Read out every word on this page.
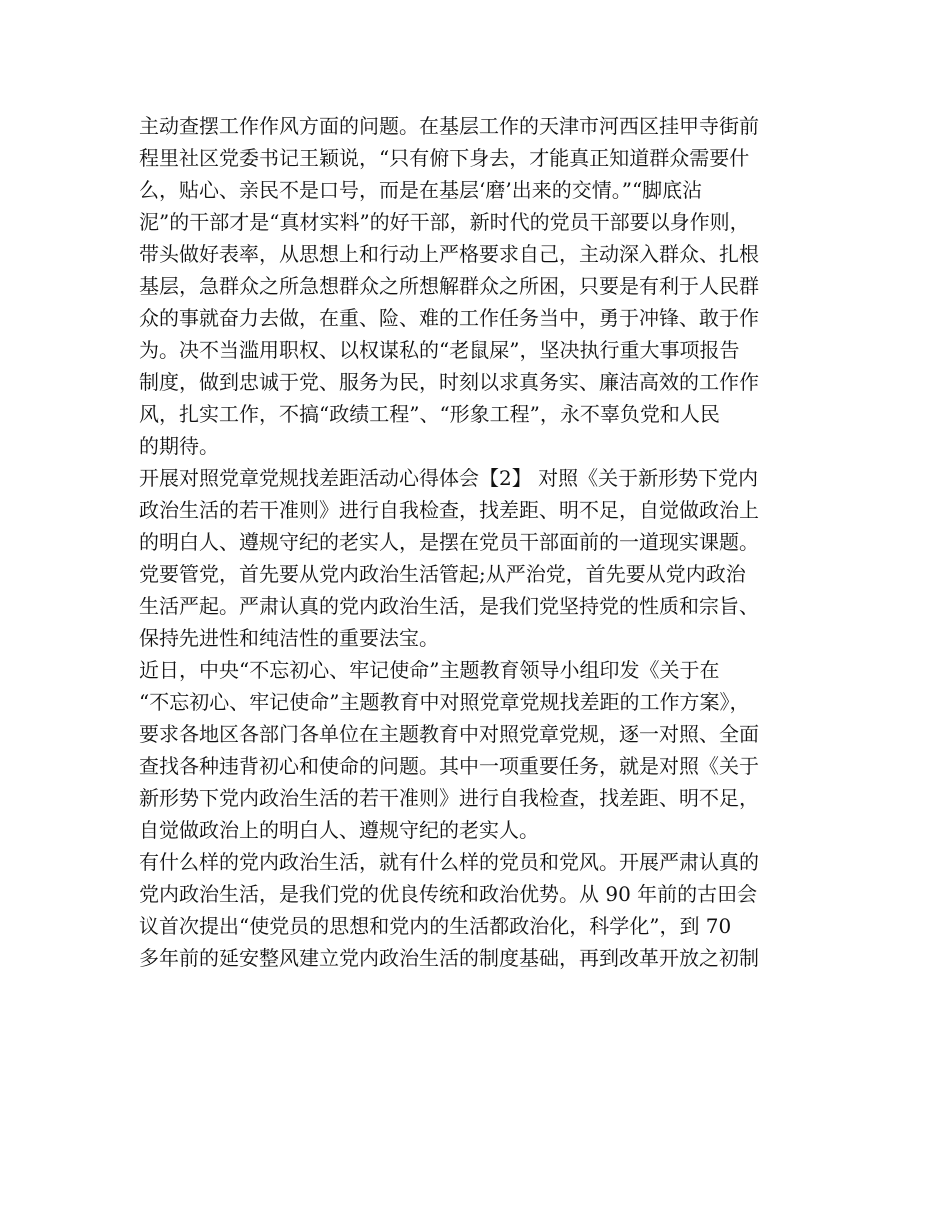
主动查摆工作作风方面的问题。在基层工作的天津市河西区挂甲寺街前
程里社区党委书记王颖说，“只有俯下身去，才能真正知道群众需要什
么，贴心、亲民不是口号，而是在基层‘磨’出来的交情。”“脚底沾
泥”的干部才是“真材实料”的好干部，新时代的党员干部要以身作则，
带头做好表率，从思想上和行动上严格要求自己，主动深入群众、扎根
基层，急群众之所急想群众之所想解群众之所困，只要是有利于人民群
众的事就奋力去做，在重、险、难的工作任务当中，勇于冲锋、敢于作
为。决不当滥用职权、以权谋私的“老鼠屎”，坚决执行重大事项报告
制度，做到忠诚于党、服务为民，时刻以求真务实、廉洁高效的工作作
风，扎实工作，不搞“政绩工程”、“形象工程”，永不辜负党和人民
的期待。
开展对照党章党规找差距活动心得体会【2】 对照《关于新形势下党内
政治生活的若干准则》进行自我检查，找差距、明不足，自觉做政治上
的明白人、遵规守纪的老实人，是摆在党员干部面前的一道现实课题。
党要管党，首先要从党内政治生活管起;从严治党，首先要从党内政治
生活严起。严肃认真的党内政治生活，是我们党坚持党的性质和宗旨、
保持先进性和纯洁性的重要法宝。
近日，中央“不忘初心、牢记使命”主题教育领导小组印发《关于在
“不忘初心、牢记使命”主题教育中对照党章党规找差距的工作方案》，
要求各地区各部门各单位在主题教育中对照党章党规，逐一对照、全面
查找各种违背初心和使命的问题。其中一项重要任务，就是对照《关于
新形势下党内政治生活的若干准则》进行自我检查，找差距、明不足，
自觉做政治上的明白人、遵规守纪的老实人。
有什么样的党内政治生活，就有什么样的党员和党风。开展严肃认真的
党内政治生活，是我们党的优良传统和政治优势。从 90 年前的古田会
议首次提出“使党员的思想和党内的生活都政治化，科学化”，到 70
多年前的延安整风建立党内政治生活的制度基础，再到改革开放之初制
